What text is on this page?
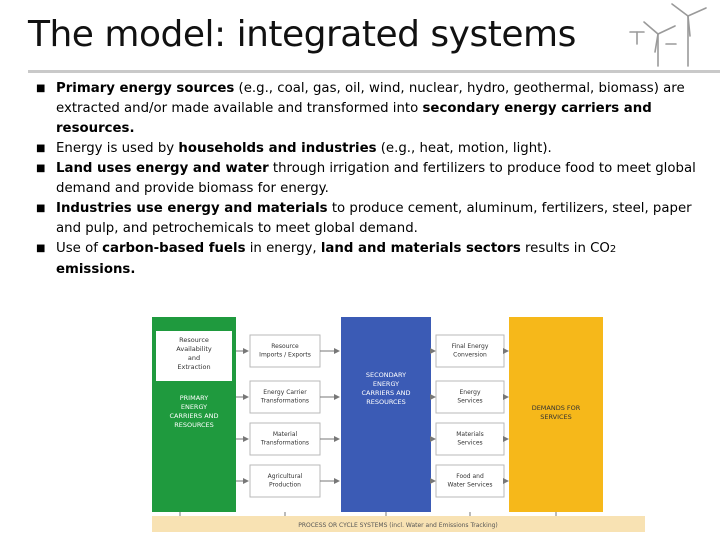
The model: integrated systems
■ Primary energy sources (e.g., coal, gas, oil, wind, nuclear, hydro, geothermal, biomass) are extracted and/or made available and transformed into secondary energy carriers and resources.
■ Energy is used by households and industries (e.g., heat, motion, light).
■ Land uses energy and water through irrigation and fertilizers to produce food to meet global demand and provide biomass for energy.
■ Industries use energy and materials to produce cement, aluminum, fertilizers, steel, paper and pulp, and petrochemicals to meet global demand.
■ Use of carbon-based fuels in energy, land and materials sectors results in CO2 emissions.
Resource
Availability
and
Extraction
PRIMARY
ENERGY
CARRIERS AND
RESOURCES
SECONDARY
ENERGY
CARRIERS AND
RESOURCES
DEMANDS FOR
SERVICES
Resource
Imports / Exports
Energy Carrier
Transformations
Material
Transformations
Agricultural
Production
Final Energy
Conversion
Energy
Services
Materials
Services
Food and
Water Services
PROCESS OR CYCLE SYSTEMS (incl. Water and Emissions Tracking)
